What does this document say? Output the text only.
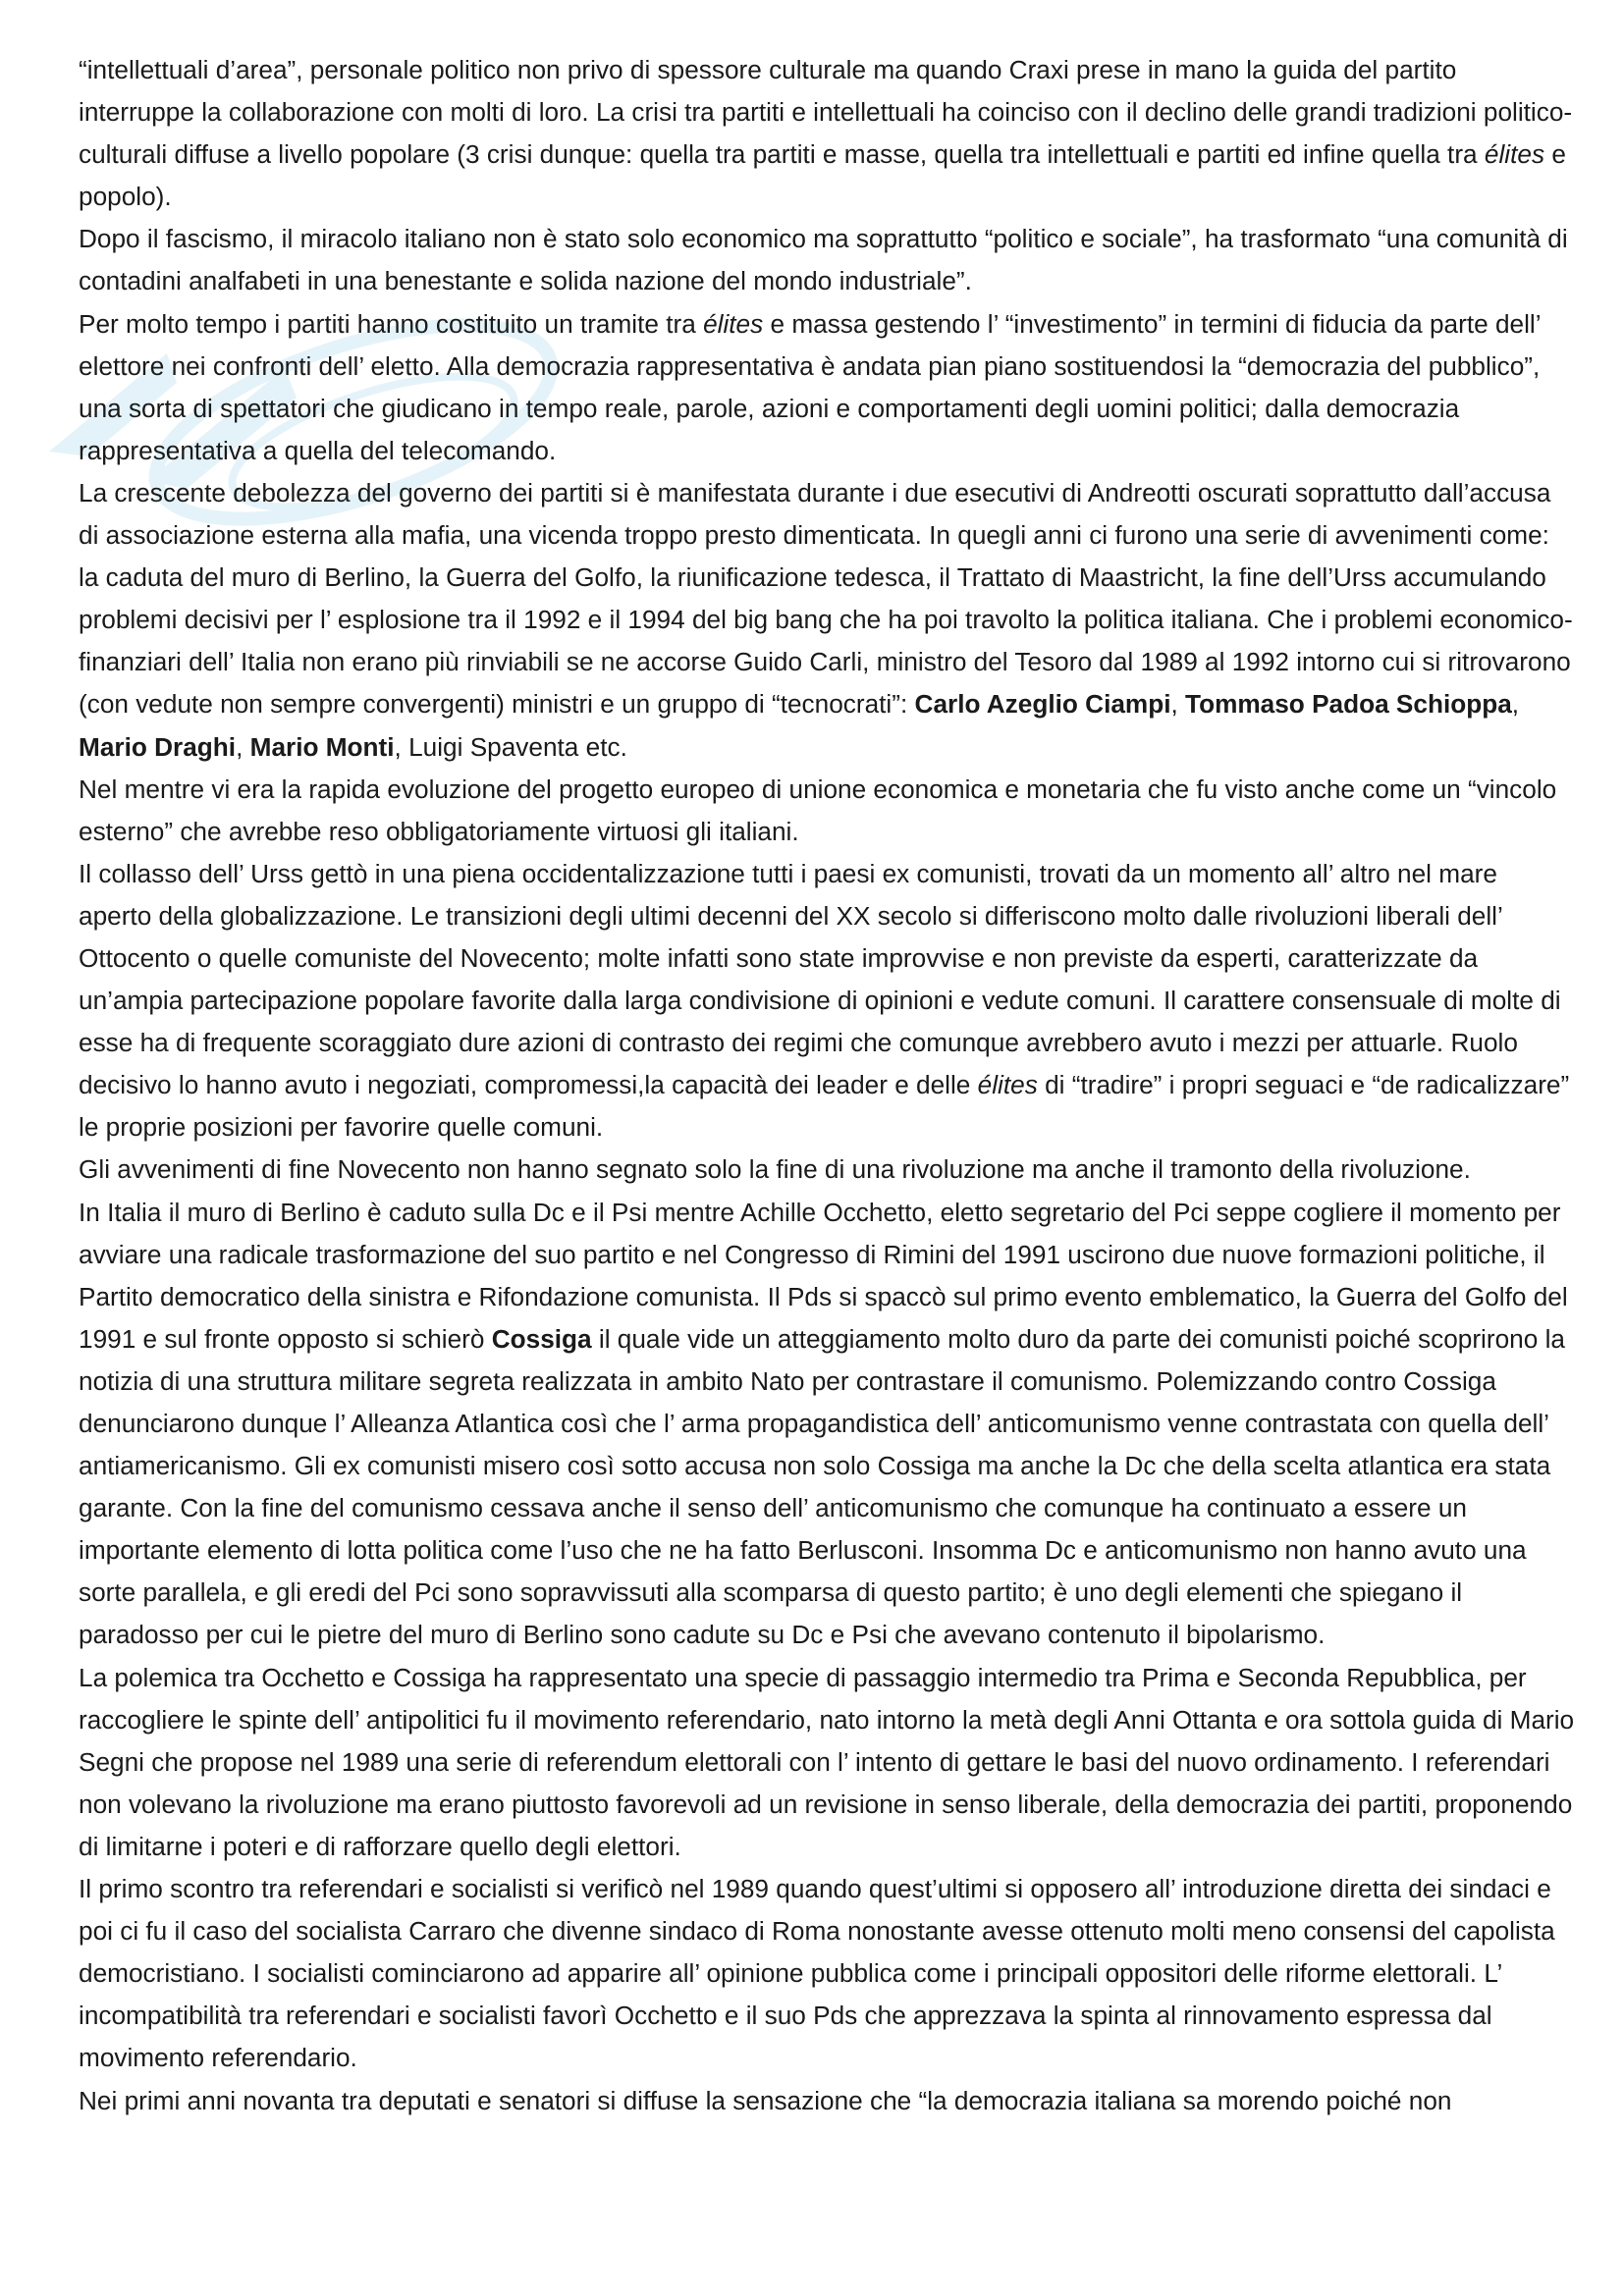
“intellettuali d’area”, personale politico non privo di spessore culturale ma quando Craxi prese in mano la guida del partito interruppe la collaborazione con molti di loro. La crisi tra partiti e intellettuali ha coinciso con il declino delle grandi tradizioni politico-culturali diffuse a livello popolare (3 crisi dunque: quella tra partiti e masse, quella tra intellettuali e partiti ed infine quella tra élites e popolo).

Dopo il fascismo, il miracolo italiano non è stato solo economico ma soprattutto “politico e sociale”, ha trasformato “una comunità di contadini analfabeti in una benestante e solida nazione del mondo industriale”.

Per molto tempo i partiti hanno costituito un tramite tra élites e massa gestendo l’ “investimento” in termini di fiducia da parte dell’ elettore nei confronti dell’ eletto. Alla democrazia rappresentativa è andata pian piano sostituendosi la “democrazia del pubblico”, una sorta di spettatori che giudicano in tempo reale, parole, azioni e comportamenti degli uomini politici; dalla democrazia rappresentativa a quella del telecomando.

La crescente debolezza del governo dei partiti si è manifestata durante i due esecutivi di Andreotti oscurati soprattutto dall’accusa di associazione esterna alla mafia, una vicenda troppo presto dimenticata. In quegli anni ci furono una serie di avvenimenti come: la caduta del muro di Berlino, la Guerra del Golfo, la riunificazione tedesca, il Trattato di Maastricht, la fine dell’Urss accumulando problemi decisivi per l’ esplosione tra il 1992 e il 1994 del big bang che ha poi travolto la politica italiana. Che i problemi economico-finanziari dell’ Italia non erano più rinviabili se ne accorse Guido Carli, ministro del Tesoro dal 1989 al 1992 intorno cui si ritrovarono (con vedute non sempre convergenti) ministri e un gruppo di “tecnocrati”: Carlo Azeglio Ciampi, Tommaso Padoa Schioppa, Mario Draghi, Mario Monti, Luigi Spaventa etc.

Nel mentre vi era la rapida evoluzione del progetto europeo di unione economica e monetaria che fu visto anche come un “vincolo esterno” che avrebbe reso obbligatoriamente virtuosi gli italiani.

Il collasso dell’ Urss gettò in una piena occidentalizzazione tutti i paesi ex comunisti, trovati da un momento all’ altro nel mare aperto della globalizzazione. Le transizioni degli ultimi decenni del XX secolo si differiscono molto dalle rivoluzioni liberali dell’ Ottocento o quelle comuniste del Novecento; molte infatti sono state improvvise e non previste da esperti, caratterizzate da un’ampia partecipazione popolare favorite dalla larga condivisione di opinioni e vedute comuni. Il carattere consensuale di molte di esse ha di frequente scoraggiato dure azioni di contrasto dei regimi che comunque avrebbero avuto i mezzi per attuarle. Ruolo decisivo lo hanno avuto i negoziati, compromessi,la capacità dei leader e delle élites di “tradire” i propri seguaci e “de radicalizzare” le proprie posizioni per favorire quelle comuni.

Gli avvenimenti di fine Novecento non hanno segnato solo la fine di una rivoluzione ma anche il tramonto della rivoluzione.

In Italia il muro di Berlino è caduto sulla Dc e il Psi mentre Achille Occhetto, eletto segretario del Pci seppe cogliere il momento per avviare una radicale trasformazione del suo partito e nel Congresso di Rimini del 1991 uscirono due nuove formazioni politiche, il Partito democratico della sinistra e Rifondazione comunista. Il Pds si spaccò sul primo evento emblematico, la Guerra del Golfo del 1991 e sul fronte opposto si schierò Cossiga il quale vide un atteggiamento molto duro da parte dei comunisti poiché scoprirono la notizia di una struttura militare segreta realizzata in ambito Nato per contrastare il comunismo. Polemizzando contro Cossiga denunciarono dunque l’ Alleanza Atlantica così che l’ arma propagandistica dell’ anticomunismo venne contrastata con quella dell’ antiamericanismo. Gli ex comunisti misero così sotto accusa non solo Cossiga ma anche la Dc che della scelta atlantica era stata garante. Con la fine del comunismo cessava anche il senso dell’ anticomunismo che comunque ha continuato a essere un importante elemento di lotta politica come l’uso che ne ha fatto Berlusconi. Insomma Dc e anticomunismo non hanno avuto una sorte parallela, e gli eredi del Pci sono sopravvissuti alla scomparsa di questo partito; è uno degli elementi che spiegano il paradosso per cui le pietre del muro di Berlino sono cadute su Dc e Psi che avevano contenuto il bipolarismo.

La polemica tra Occhetto e Cossiga ha rappresentato una specie di passaggio intermedio tra Prima e Seconda Repubblica, per raccogliere le spinte dell’ antipolitici fu il movimento referendario, nato intorno la metà degli Anni Ottanta e ora sottola guida di Mario Segni che propose nel 1989 una serie di referendum elettorali con l’ intento di gettare le basi del nuovo ordinamento. I referendari non volevano la rivoluzione ma erano piuttosto favorevoli ad un revisione in senso liberale, della democrazia dei partiti, proponendo di limitarne i poteri e di rafforzare quello degli elettori.

Il primo scontro tra referendari e socialisti si verificò nel 1989 quando quest’ultimi si opposero all’ introduzione diretta dei sindaci e poi ci fu il caso del socialista Carraro che divenne sindaco di Roma nonostante avesse ottenuto molti meno consensi del capolista democristiano. I socialisti cominciarono ad apparire all’ opinione pubblica come i principali oppositori delle riforme elettorali. L’ incompatibilità tra referendari e socialisti favorì Occhetto e il suo Pds che apprezzava la spinta al rinnovamento espressa dal movimento referendario.

Nei primi anni novanta tra deputati e senatori si diffuse la sensazione che “la democrazia italiana sa morendo poiché non
